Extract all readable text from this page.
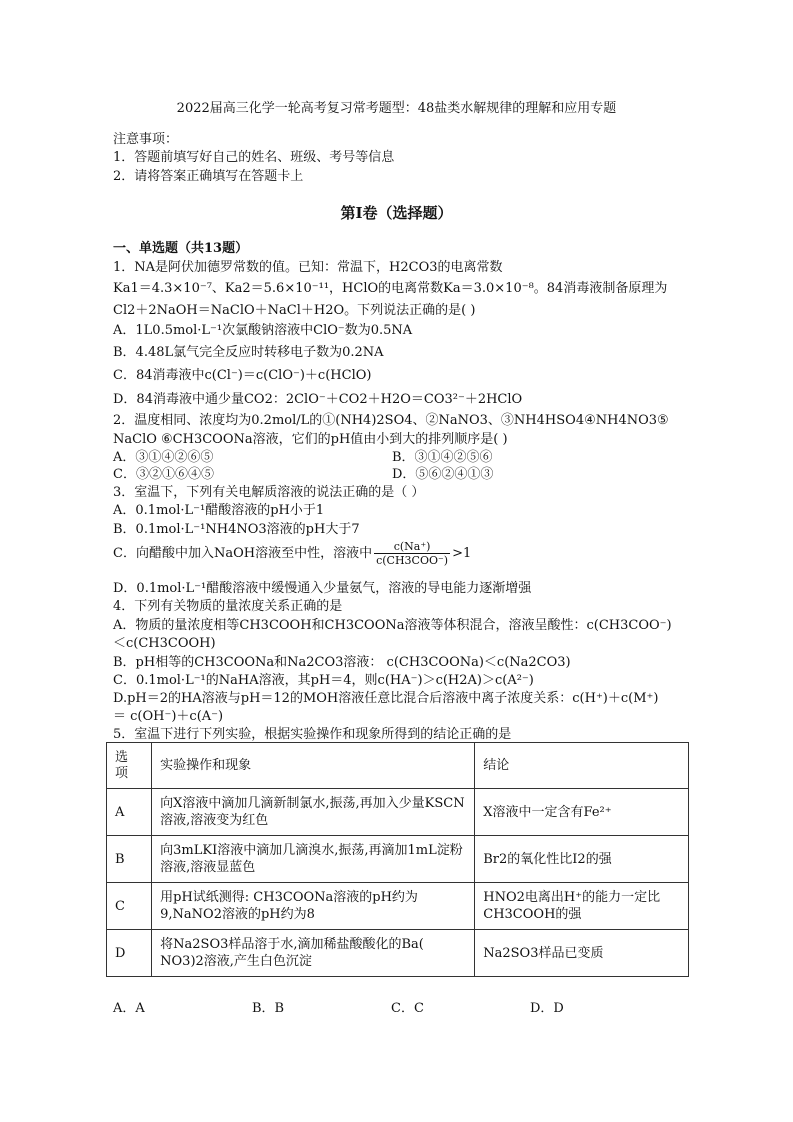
2022届高三化学一轮高考复习常考题型：48盐类水解规律的理解和应用专题
注意事项：
1．答题前填写好自己的姓名、班级、考号等信息
2．请将答案正确填写在答题卡上
第I卷（选择题）
一、单选题（共13题）
1．NA是阿伏加德罗常数的值。已知：常温下，H2CO3的电离常数
Ka1＝4.3×10⁻⁷、Ka2＝5.6×10⁻¹¹，HClO的电离常数Ka＝3.0×10⁻⁸。84消毒液制备原理为
Cl2＋2NaOH＝NaClO＋NaCl＋H2O。下列说法正确的是( )
A．1L0.5mol·L⁻¹次氯酸钠溶液中ClO⁻数为0.5NA
B．4.48L氯气完全反应时转移电子数为0.2NA
C．84消毒液中c(Cl⁻)＝c(ClO⁻)＋c(HClO)
D．84消毒液中通少量CO2：2ClO⁻＋CO2＋H2O＝CO3²⁻＋2HClO
2．温度相同、浓度均为0.2mol/L的①(NH4)2SO4、②NaNO3、③NH4HSO4④NH4NO3⑤
NaClO ⑥CH3COONa溶液，它们的pH值由小到大的排列顺序是( )
A．③①④②⑥⑤	B．③①④②⑤⑥
C．③②①⑥④⑤	D．⑤⑥②④①③
3．室温下，下列有关电解质溶液的说法正确的是（ ）
A．0.1mol·L⁻¹醋酸溶液的pH小于1
B．0.1mol·L⁻¹NH4NO3溶液的pH大于7
C．向醋酸中加入NaOH溶液至中性，溶液中 $\frac{c(Na^+)}{\text{c(CH3COO⁻)}} >1$
D．0.1mol·L⁻¹醋酸溶液中缓慢通入少量氨气，溶液的导电能力逐渐增强
4．下列有关物质的量浓度关系正确的是
A．物质的量浓度相等CH3COOH和CH3COONa溶液等体积混合，溶液呈酸性：c(CH3COO⁻)
＜c(CH3COOH)
B．pH相等的CH3COONa和Na2CO3溶液： c(CH3COONa)＜c(Na2CO3)
C．0.1mol·L⁻¹的NaHA溶液，其pH＝4，则c(HA⁻)＞c(H2A)＞c(A²⁻)
D.pH＝2的HA溶液与pH＝12的MOH溶液任意比混合后溶液中离子浓度关系：c(H⁺)＋c(M⁺)
＝ c(OH⁻)＋c(A⁻)
5．室温下进行下列实验，根据实验操作和现象所得到的结论正确的是
选项	实验操作和现象	结论
A	向X溶液中滴加几滴新制氯水,振荡,再加入少量KSCN溶液,溶液变为红色	X溶液中一定含有Fe²⁺
B	向3mLKI溶液中滴加几滴溴水,振荡,再滴加1mL淀粉溶液,溶液显蓝色	Br2的氧化性比I2的强
C	用pH试纸测得: CH3COONa溶液的pH约为9,NaNO2溶液的pH约为8	HNO2电离出H⁺的能力一定比CH3COOH的强
D	将Na2SO3样品溶于水,滴加稀盐酸酸化的Ba( NO3)2溶液,产生白色沉淀	Na2SO3样品已变质
A．A	B．B	C．C	D．D
